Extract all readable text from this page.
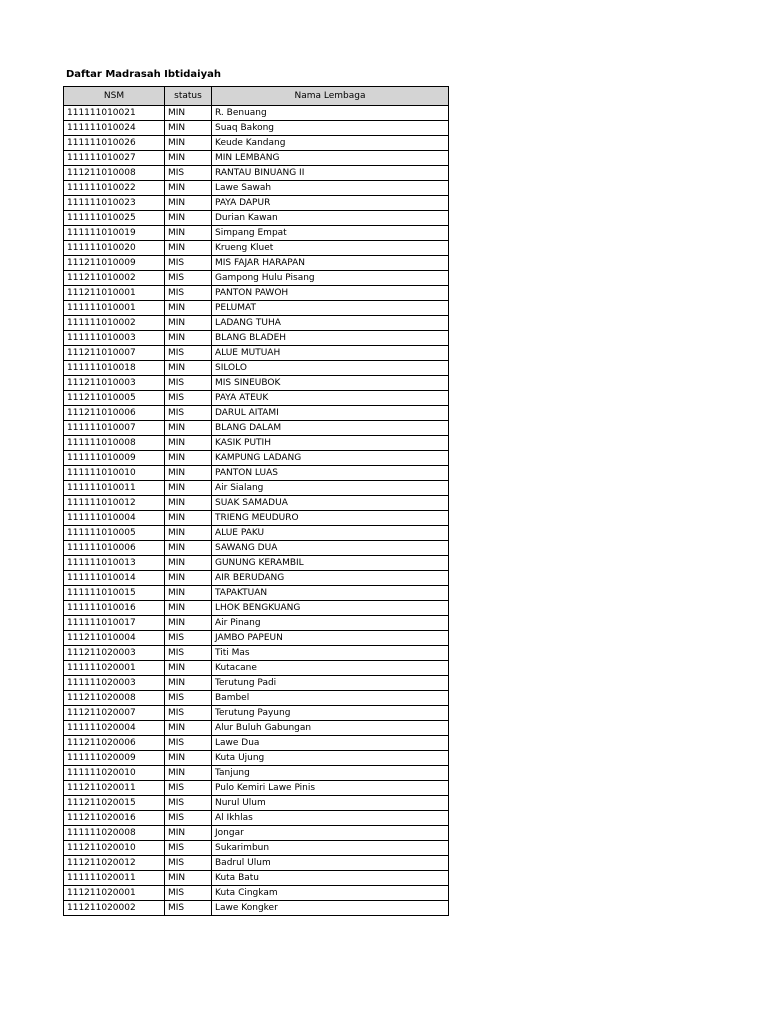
Daftar Madrasah Ibtidaiyah
NSM	status	Nama Lembaga
111111010021	MIN	R. Benuang
111111010024	MIN	Suaq Bakong
111111010026	MIN	Keude Kandang
111111010027	MIN	MIN LEMBANG
111211010008	MIS	RANTAU BINUANG II
111111010022	MIN	Lawe Sawah
111111010023	MIN	PAYA DAPUR
111111010025	MIN	Durian Kawan
111111010019	MIN	Simpang Empat
111111010020	MIN	Krueng Kluet
111211010009	MIS	MIS FAJAR HARAPAN
111211010002	MIS	Gampong Hulu Pisang
111211010001	MIS	PANTON PAWOH
111111010001	MIN	PELUMAT
111111010002	MIN	LADANG TUHA
111111010003	MIN	BLANG BLADEH
111211010007	MIS	ALUE MUTUAH
111111010018	MIN	SILOLO
111211010003	MIS	MIS SINEUBOK
111211010005	MIS	PAYA ATEUK
111211010006	MIS	DARUL AITAMI
111111010007	MIN	BLANG DALAM
111111010008	MIN	KASIK PUTIH
111111010009	MIN	KAMPUNG LADANG
111111010010	MIN	PANTON LUAS
111111010011	MIN	Air Sialang
111111010012	MIN	SUAK SAMADUA
111111010004	MIN	TRIENG MEUDURO
111111010005	MIN	ALUE PAKU
111111010006	MIN	SAWANG DUA
111111010013	MIN	GUNUNG KERAMBIL
111111010014	MIN	AIR BERUDANG
111111010015	MIN	TAPAKTUAN
111111010016	MIN	LHOK BENGKUANG
111111010017	MIN	Air Pinang
111211010004	MIS	JAMBO PAPEUN
111211020003	MIS	Titi Mas
111111020001	MIN	Kutacane
111111020003	MIN	Terutung Padi
111211020008	MIS	Bambel
111211020007	MIS	Terutung Payung
111111020004	MIN	Alur Buluh Gabungan
111211020006	MIS	Lawe Dua
111111020009	MIN	Kuta Ujung
111111020010	MIN	Tanjung
111211020011	MIS	Pulo Kemiri Lawe Pinis
111211020015	MIS	Nurul Ulum
111211020016	MIS	Al Ikhlas
111111020008	MIN	Jongar
111211020010	MIS	Sukarimbun
111211020012	MIS	Badrul Ulum
111111020011	MIN	Kuta Batu
111211020001	MIS	Kuta Cingkam
111211020002	MIS	Lawe Kongker
